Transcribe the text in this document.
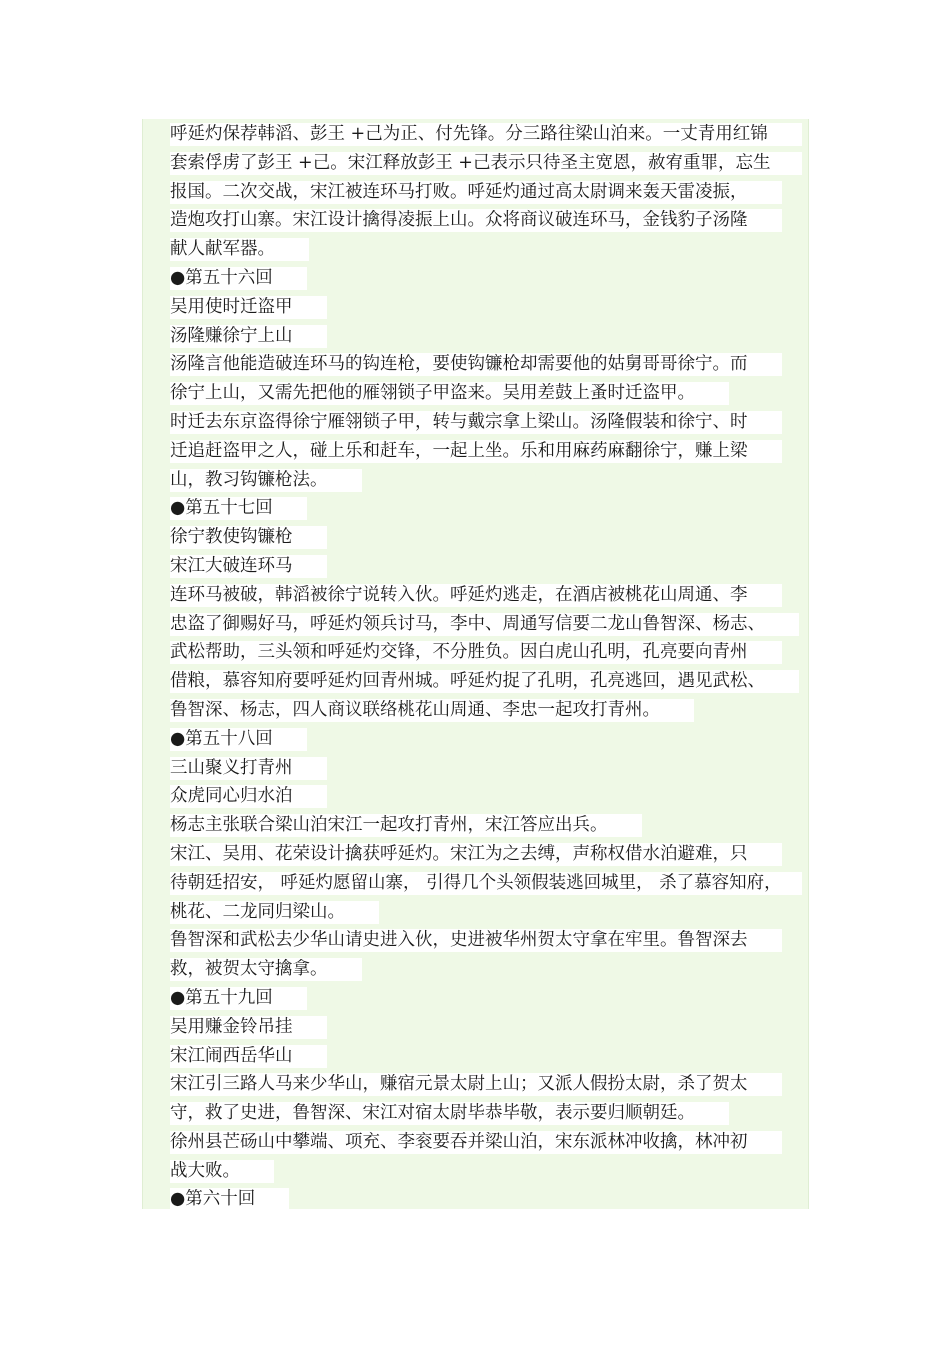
呼延灼保荐韩滔、彭王 +己为正、付先锋。分三路往梁山泊来。一丈青用红锦
套索俘虏了彭王 +己。宋江释放彭王 +己表示只待圣主宽恩，赦宥重罪，忘生
报国。二次交战，宋江被连环马打败。呼延灼通过高太尉调来轰天雷凌振，
造炮攻打山寨。宋江设计擒得凌振上山。众将商议破连环马，金钱豹子汤隆
献人献军器。
●第五十六回
吴用使时迁盗甲
汤隆赚徐宁上山
汤隆言他能造破连环马的钩连枪，要使钩镰枪却需要他的姑舅哥哥徐宁。而
徐宁上山，又需先把他的雁翎锁子甲盗来。吴用差鼓上蚤时迁盗甲。
时迁去东京盗得徐宁雁翎锁子甲，转与戴宗拿上梁山。汤隆假装和徐宁、时
迁追赶盗甲之人，碰上乐和赶车，一起上坐。乐和用麻药麻翻徐宁，赚上梁
山，教习钩镰枪法。
●第五十七回
徐宁教使钩镰枪
宋江大破连环马
连环马被破，韩滔被徐宁说转入伙。呼延灼逃走，在酒店被桃花山周通、李
忠盗了御赐好马，呼延灼领兵讨马，李中、周通写信要二龙山鲁智深、杨志、
武松帮助，三头领和呼延灼交锋，不分胜负。因白虎山孔明，孔亮要向青州
借粮，慕容知府要呼延灼回青州城。呼延灼捉了孔明，孔亮逃回，遇见武松、
鲁智深、杨志，四人商议联络桃花山周通、李忠一起攻打青州。
●第五十八回
三山聚义打青州
众虎同心归水泊
杨志主张联合梁山泊宋江一起攻打青州，宋江答应出兵。
宋江、吴用、花荣设计擒获呼延灼。宋江为之去缚，声称权借水泊避难，只
待朝廷招安， 呼延灼愿留山寨， 引得几个头领假装逃回城里， 杀了慕容知府，
桃花、二龙同归梁山。
鲁智深和武松去少华山请史进入伙，史进被华州贺太守拿在牢里。鲁智深去
救，被贺太守擒拿。
●第五十九回
吴用赚金铃吊挂
宋江闹西岳华山
宋江引三路人马来少华山，赚宿元景太尉上山；又派人假扮太尉，杀了贺太
守，救了史进，鲁智深、宋江对宿太尉毕恭毕敬，表示要归顺朝廷。
徐州县芒砀山中攀端、项充、李衮要吞并梁山泊，宋东派林冲收擒，林冲初
战大败。
●第六十回
